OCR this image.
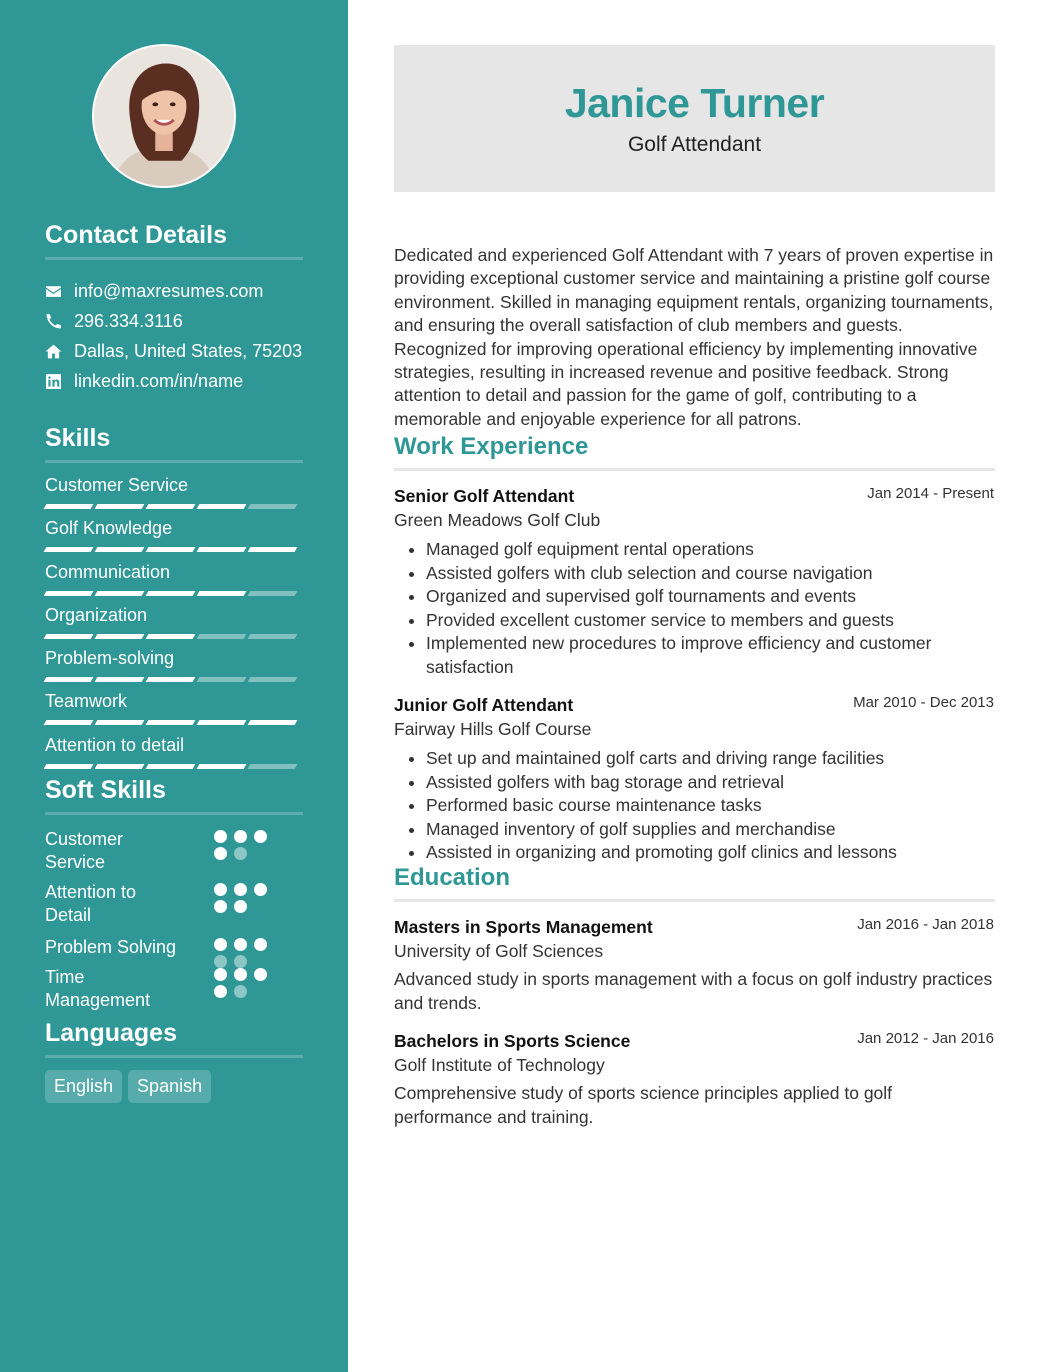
Contact Details
info@maxresumes.com
296.334.3116
Dallas, United States, 75203
linkedin.com/in/name
Skills
Customer Service
Golf Knowledge
Communication
Organization
Problem-solving
Teamwork
Attention to detail
Soft Skills
Customer Service
Attention to Detail
Problem Solving
Time Management
Languages
English	Spanish
Janice Turner
Golf Attendant

Dedicated and experienced Golf Attendant with 7 years of proven expertise in providing exceptional customer service and maintaining a pristine golf course environment. Skilled in managing equipment rentals, organizing tournaments, and ensuring the overall satisfaction of club members and guests. Recognized for improving operational efficiency by implementing innovative strategies, resulting in increased revenue and positive feedback. Strong attention to detail and passion for the game of golf, contributing to a memorable and enjoyable experience for all patrons.

Work Experience
Senior Golf Attendant	Jan 2014 - Present
Green Meadows Golf Club
• Managed golf equipment rental operations
• Assisted golfers with club selection and course navigation
• Organized and supervised golf tournaments and events
• Provided excellent customer service to members and guests
• Implemented new procedures to improve efficiency and customer satisfaction
Junior Golf Attendant	Mar 2010 - Dec 2013
Fairway Hills Golf Course
• Set up and maintained golf carts and driving range facilities
• Assisted golfers with bag storage and retrieval
• Performed basic course maintenance tasks
• Managed inventory of golf supplies and merchandise
• Assisted in organizing and promoting golf clinics and lessons
Education
Masters in Sports Management	Jan 2016 - Jan 2018
University of Golf Sciences
Advanced study in sports management with a focus on golf industry practices and trends.
Bachelors in Sports Science	Jan 2012 - Jan 2016
Golf Institute of Technology
Comprehensive study of sports science principles applied to golf performance and training.
